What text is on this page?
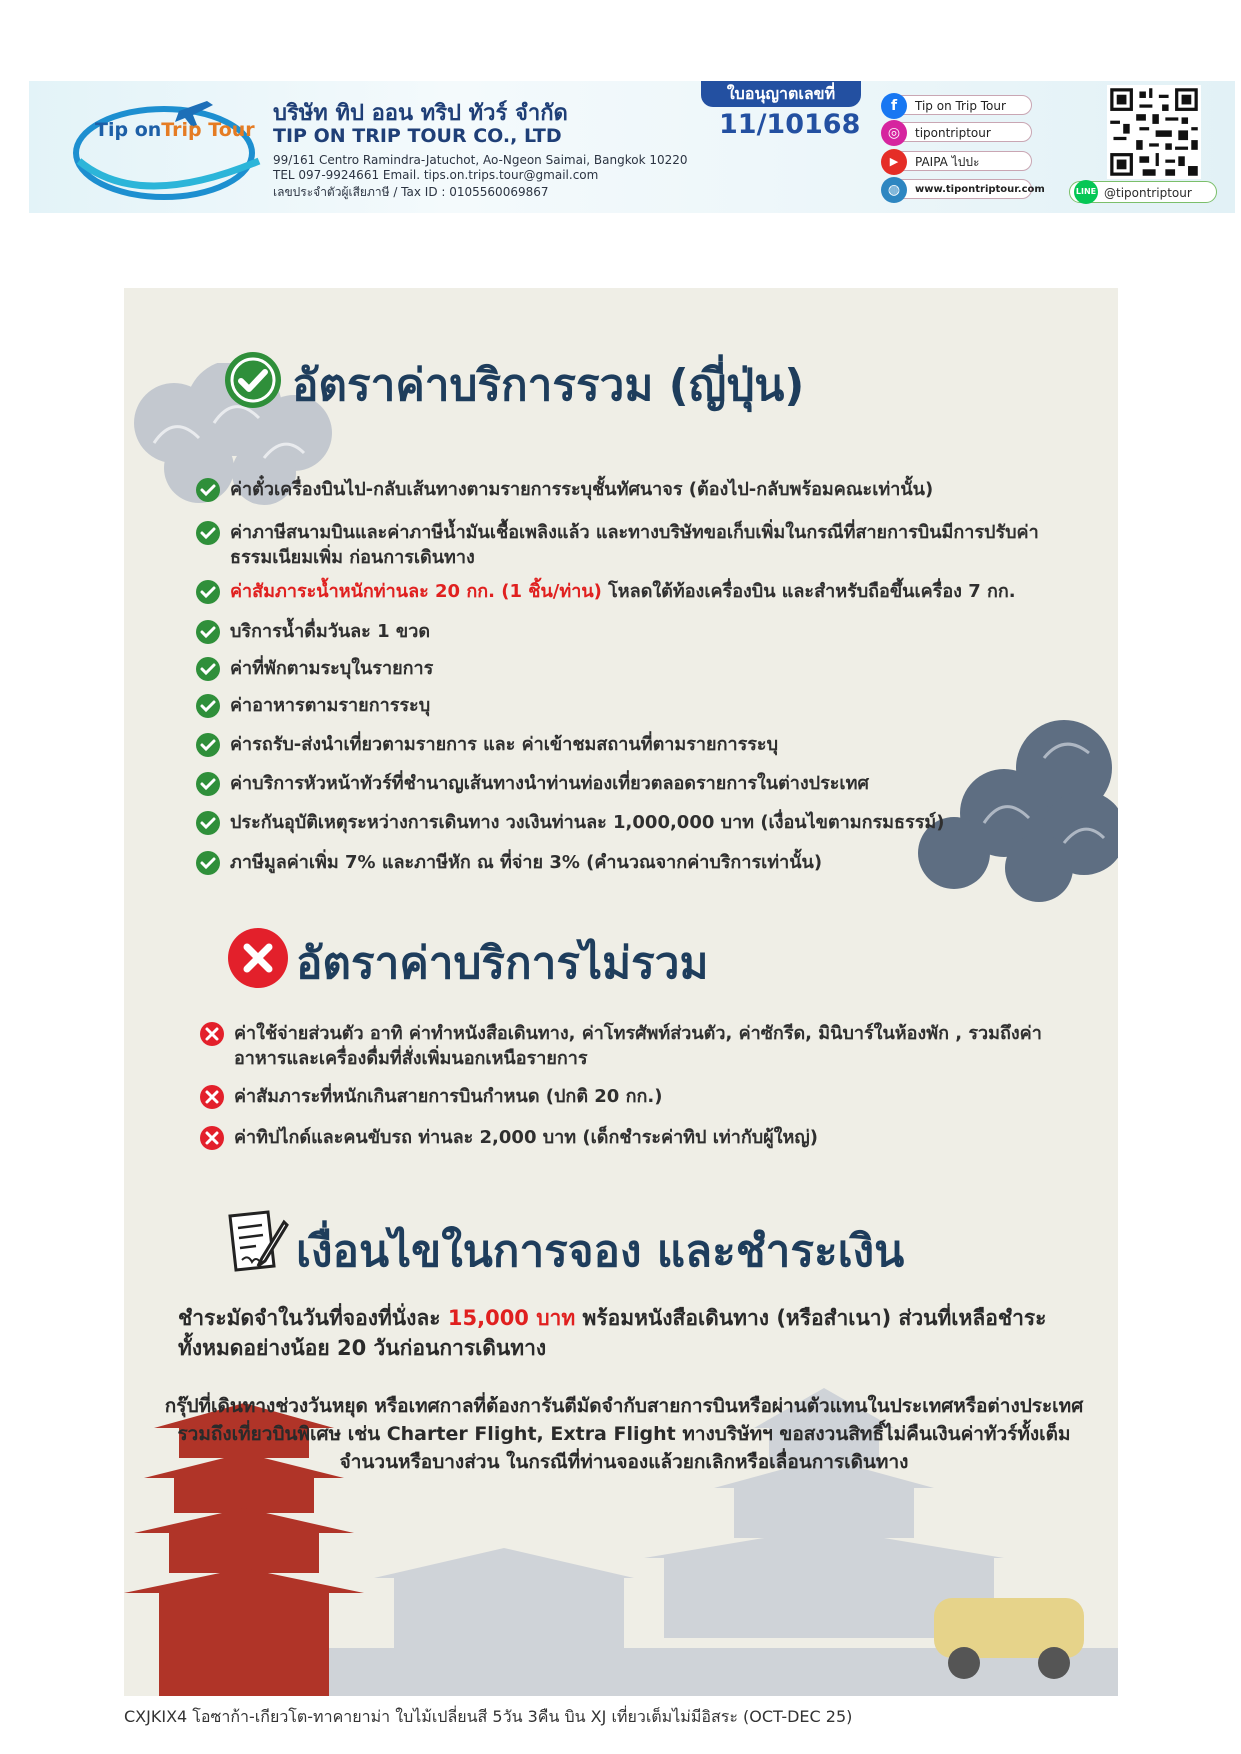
Tip onTrip Tour
บริษัท ทิป ออน ทริป ทัวร์ จำกัด
TIP ON TRIP TOUR CO., LTD
99/161 Centro Ramindra-Jatuchot, Ao-Ngeon Saimai, Bangkok 10220
TEL 097-9924661 Email. tips.on.trips.tour@gmail.com
เลขประจำตัวผู้เสียภาษี / Tax ID : 0105560069867
ใบอนุญาตเลขที่
11/10168
f	Tip on Trip Tour
◎	tipontriptour
▶	PAIPA ไปปะ
◍	www.tipontriptour.com	LINE @tipontriptour
อัตราค่าบริการรวม (ญี่ปุ่น)
ค่าตั๋วเครื่องบินไป-กลับเส้นทางตามรายการระบุชั้นทัศนาจร (ต้องไป-กลับพร้อมคณะเท่านั้น)
ค่าภาษีสนามบินและค่าภาษีน้ำมันเชื้อเพลิงแล้ว และทางบริษัทขอเก็บเพิ่มในกรณีที่สายการบินมีการปรับค่าธรรมเนียมเพิ่ม ก่อนการเดินทาง
ค่าสัมภาระน้ำหนักท่านละ 20 กก. (1 ชิ้น/ท่าน) โหลดใต้ท้องเครื่องบิน และสำหรับถือขึ้นเครื่อง 7 กก.
บริการน้ำดื่มวันละ 1 ขวด
ค่าที่พักตามระบุในรายการ
ค่าอาหารตามรายการระบุ
ค่ารถรับ-ส่งนำเที่ยวตามรายการ และ ค่าเข้าชมสถานที่ตามรายการระบุ
ค่าบริการหัวหน้าทัวร์ที่ชำนาญเส้นทางนำท่านท่องเที่ยวตลอดรายการในต่างประเทศ
ประกันอุบัติเหตุระหว่างการเดินทาง วงเงินท่านละ 1,000,000 บาท (เงื่อนไขตามกรมธรรม์)
ภาษีมูลค่าเพิ่ม 7% และภาษีหัก ณ ที่จ่าย 3% (คำนวณจากค่าบริการเท่านั้น)
อัตราค่าบริการไม่รวม
ค่าใช้จ่ายส่วนตัว อาทิ ค่าทำหนังสือเดินทาง, ค่าโทรศัพท์ส่วนตัว, ค่าซักรีด, มินิบาร์ในห้องพัก , รวมถึงค่าอาหารและเครื่องดื่มที่สั่งเพิ่มนอกเหนือรายการ
ค่าสัมภาระที่หนักเกินสายการบินกำหนด (ปกติ 20 กก.)
ค่าทิปไกด์และคนขับรถ ท่านละ 2,000 บาท (เด็กชำระค่าทิป เท่ากับผู้ใหญ่)
เงื่อนไขในการจอง และชำระเงิน
ชำระมัดจำในวันที่จองที่นั่งละ 15,000 บาท พร้อมหนังสือเดินทาง (หรือสำเนา) ส่วนที่เหลือชำระทั้งหมดอย่างน้อย 20 วันก่อนการเดินทาง
กรุ๊ปที่เดินทางช่วงวันหยุด หรือเทศกาลที่ต้องการันตีมัดจำกับสายการบินหรือผ่านตัวแทนในประเทศหรือต่างประเทศ รวมถึงเที่ยวบินพิเศษ เช่น Charter Flight, Extra Flight ทางบริษัทฯ ขอสงวนสิทธิ์ไม่คืนเงินค่าทัวร์ทั้งเต็มจำนวนหรือบางส่วน ในกรณีที่ท่านจองแล้วยกเลิกหรือเลื่อนการเดินทาง
CXJKIX4 โอซาก้า-เกียวโต-ทาคายาม่า ใบไม้เปลี่ยนสี 5วัน 3คืน บิน XJ เที่ยวเต็มไม่มีอิสระ (OCT-DEC 25)
